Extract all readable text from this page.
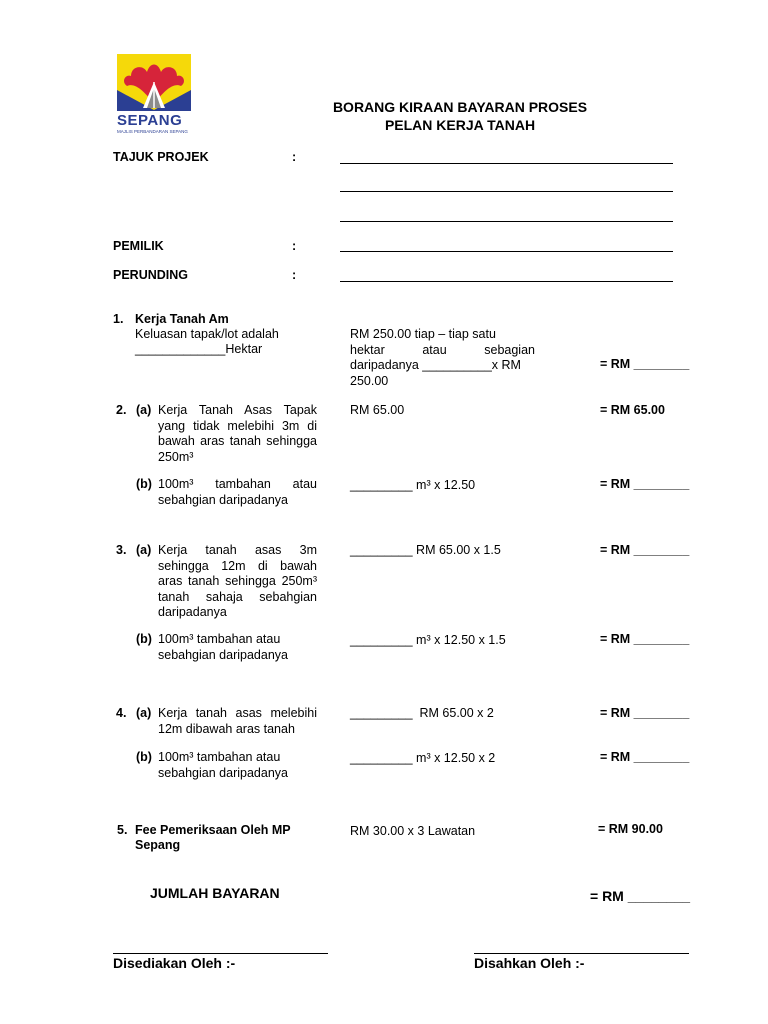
SEPANG
MAJLIS PERBANDARAN SEPANG
BORANG KIRAAN BAYARAN PROSES
PELAN KERJA TANAH
TAJUK PROJEK	:
PEMILIK	:
PERUNDING	:
1. Kerja Tanah Am
Keluasan tapak/lot adalah
_____________Hektar
RM 250.00 tiap – tiap satu
hektar atau sebagian
daripadanya __________x RM
250.00
= RM ________
2. (a) Kerja Tanah Asas Tapak yang tidak melebihi 3m di bawah aras tanah sehingga 250m³
RM 65.00	= RM 65.00
(b) 100m³ tambahan atau sebahgian daripadanya
_________ m³ x 12.50	= RM ________
3. (a) Kerja tanah asas 3m sehingga 12m di bawah aras tanah sehingga 250m³ tanah sahaja sebahgian daripadanya
_________ RM 65.00 x 1.5	= RM ________
(b) 100m³ tambahan atau
sebahgian daripadanya
_________ m³ x 12.50 x 1.5	= RM ________
4. (a) Kerja tanah asas melebihi 12m dibawah aras tanah
_________  RM 65.00 x 2	= RM ________
(b) 100m³ tambahan atau
sebahgian daripadanya
_________ m³ x 12.50 x 2	= RM ________
5. Fee Pemeriksaan Oleh MP
Sepang
RM 30.00 x 3 Lawatan	= RM 90.00
JUMLAH BAYARAN	= RM ________
Disediakan Oleh :-	Disahkan Oleh :-
